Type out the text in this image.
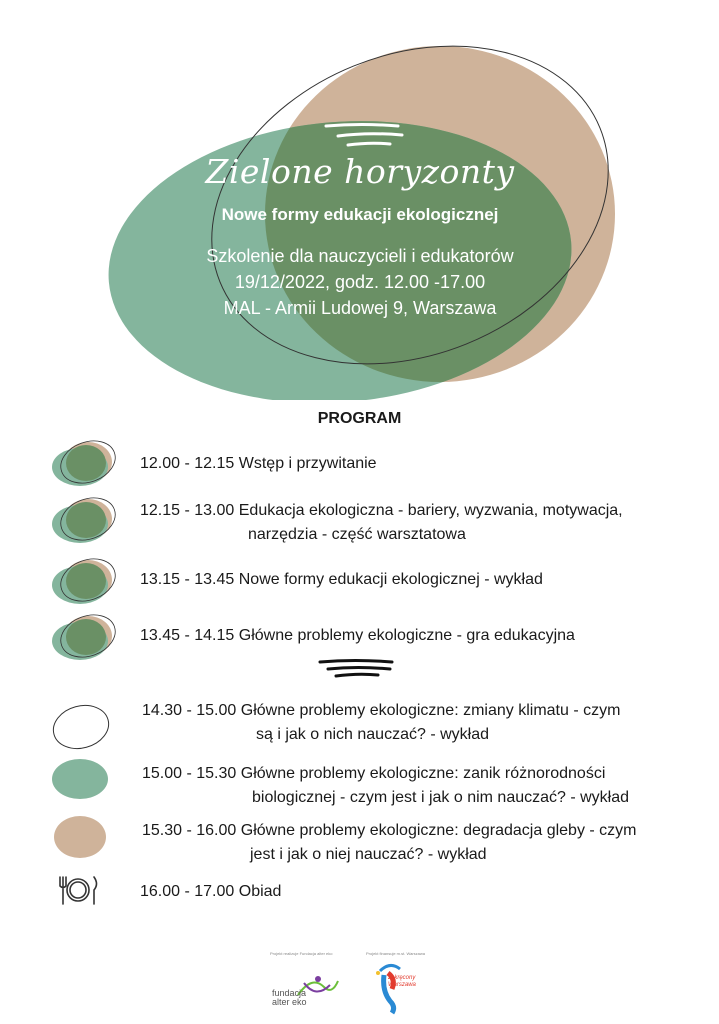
Zielone horyzonty
Nowe formy edukacji ekologicznej
Szkolenie dla nauczycieli i edukatorów
19/12/2022, godz. 12.00 -17.00
MAL - Armii Ludowej 9, Warszawa
PROGRAM
12.00 - 12.15 Wstęp i przywitanie
12.15 - 13.00 Edukacja ekologiczna - bariery, wyzwania, motywacja,
narzędzia - część warsztatowa
13.15 - 13.45 Nowe formy edukacji ekologicznej - wykład
13.45 - 14.15 Główne problemy ekologiczne - gra edukacyjna
14.30 - 15.00 Główne problemy ekologiczne: zmiany klimatu - czym
są i jak o nich nauczać? - wykład
15.00 - 15.30 Główne problemy ekologiczne: zanik różnorodności
biologicznej - czym jest i jak o nim nauczać? - wykład
15.30 - 16.00 Główne problemy ekologiczne: degradacja gleby - czym
jest i jak o niej nauczać? - wykład
16.00 - 17.00 Obiad
Projekt realizuje Fundacja alter eko
fundacja
alter eko
Projekt finansuje m.st. Warszawa
zakręcony
Warszawa
